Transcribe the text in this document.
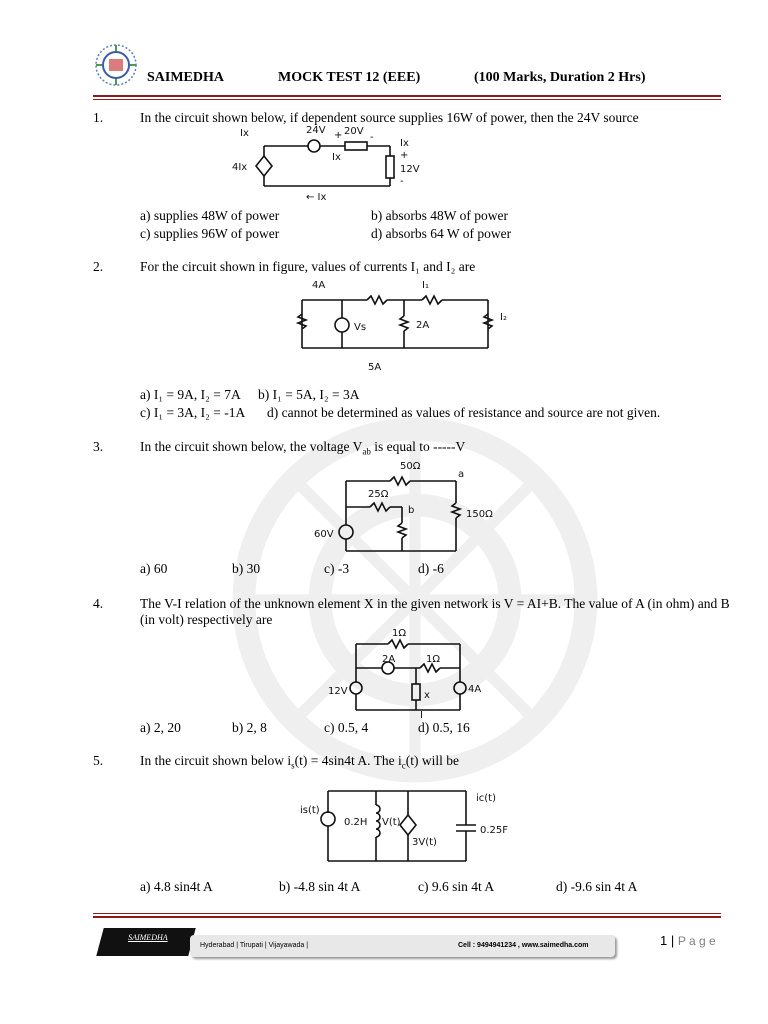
SAIMEDHA	MOCK TEST 12 (EEE)	(100 Marks, Duration 2 Hrs)
1.	In the circuit shown below, if dependent source supplies 16W of power, then the 24V source
Ix	24V + 20V
-
Ix
Ix
+
12V
-
4Ix
← Ix
a) supplies 48W of power	b) absorbs 48W of power
c) supplies 96W of power	d) absorbs 64 W of power
2.	For the circuit shown in figure, values of currents I₁ and I₂ are
4A	I₁
Vs	2A
I₂
5A
a) I₁ = 9A, I₂ = 7A b) I₁ = 5A, I₂ = 3A
c) I₁ = 3A, I₂ = -1A d) cannot be determined as values of resistance and source are not given.
3.	In the circuit shown below, the voltage $V_{ab}$ is equal to -----V
50Ω
a
25Ω
b	150Ω
60V
a) 60	b) 30	c) -3	d) -6
4.	The V-I relation of the unknown element X in the given network is V = AI+B. The value of A (in ohm) and B (in volt) respectively are
1Ω
2A	1Ω
12V	x
I
4A
a) 2, 20	b) 2, 8	c) 0.5, 4	d) 0.5, 16
5.	In the circuit shown below $i_s(t) = 4\sin 4t$ A. The $i_c(t)$ will be
is(t)
0.2H V(t)
3V(t)
ic(t)
0.25F
a) 4.8 sin4t A	b) -4.8 sin 4t A	c) 9.6 sin 4t A	d) -9.6 sin 4t A
SAIMEDHA
Hyderabad | Tirupati | Vijayawada |	Cell : 9494941234 , www.saimedha.com	1 | P a g e
